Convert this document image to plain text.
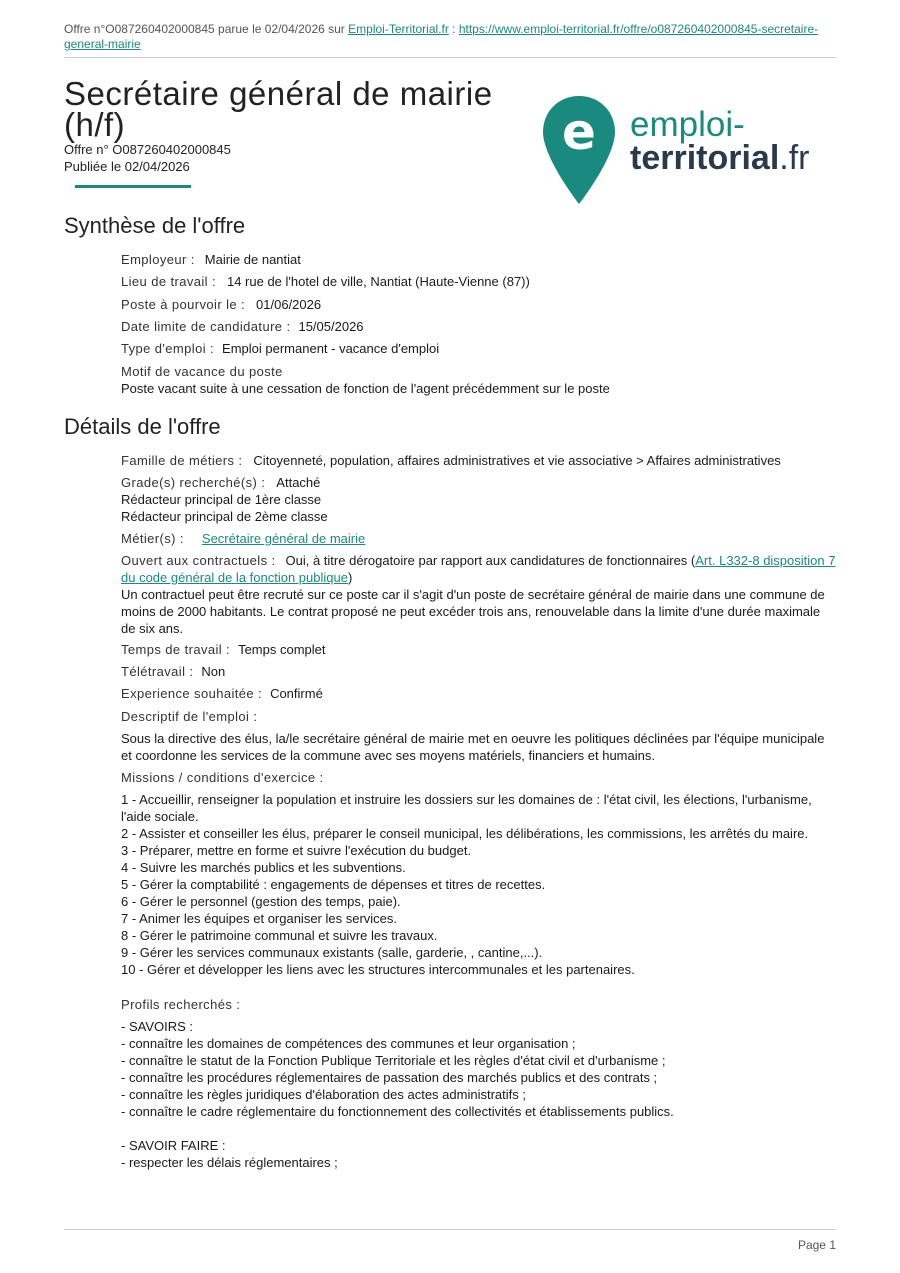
Offre n°O087260402000845 parue le 02/04/2026 sur Emploi-Territorial.fr : https://www.emploi-territorial.fr/offre/o087260402000845-secretaire-general-mairie
Secrétaire général de mairie (h/f)
Offre n° O087260402000845
Publiée le 02/04/2026
e emploi-
territorial.fr
Synthèse de l'offre
Employeur : Mairie de nantiat
Lieu de travail : 14 rue de l'hotel de ville, Nantiat (Haute-Vienne (87))
Poste à pourvoir le : 01/06/2026
Date limite de candidature : 15/05/2026
Type d'emploi : Emploi permanent - vacance d'emploi
Motif de vacance du poste
Poste vacant suite à une cessation de fonction de l'agent précédemment sur le poste
Détails de l'offre
Famille de métiers : Citoyenneté, population, affaires administratives et vie associative > Affaires administratives
Grade(s) recherché(s) : Attaché
Rédacteur principal de 1ère classe
Rédacteur principal de 2ème classe
Métier(s) : Secrétaire général de mairie
Ouvert aux contractuels : Oui, à titre dérogatoire par rapport aux candidatures de fonctionnaires (Art. L332-8 disposition 7 du code général de la fonction publique)
Un contractuel peut être recruté sur ce poste car il s'agit d'un poste de secrétaire général de mairie dans une commune de moins de 2000 habitants. Le contrat proposé ne peut excéder trois ans, renouvelable dans la limite d'une durée maximale de six ans.
Temps de travail : Temps complet
Télétravail : Non
Experience souhaitée : Confirmé
Descriptif de l'emploi :
Sous la directive des élus, la/le secrétaire général de mairie met en oeuvre les politiques déclinées par l'équipe municipale et coordonne les services de la commune avec ses moyens matériels, financiers et humains.
Missions / conditions d'exercice :
1 - Accueillir, renseigner la population et instruire les dossiers sur les domaines de : l'état civil, les élections, l'urbanisme, l'aide sociale.
2 - Assister et conseiller les élus, préparer le conseil municipal, les délibérations, les commissions, les arrêtés du maire.
3 - Préparer, mettre en forme et suivre l'exécution du budget.
4 - Suivre les marchés publics et les subventions.
5 - Gérer la comptabilité : engagements de dépenses et titres de recettes.
6 - Gérer le personnel (gestion des temps, paie).
7 - Animer les équipes et organiser les services.
8 - Gérer le patrimoine communal et suivre les travaux.
9 - Gérer les services communaux existants (salle, garderie, , cantine,...).
10 - Gérer et développer les liens avec les structures intercommunales et les partenaires.
Profils recherchés :
- SAVOIRS :
- connaître les domaines de compétences des communes et leur organisation ;
- connaître le statut de la Fonction Publique Territoriale et les règles d'état civil et d'urbanisme ;
- connaître les procédures réglementaires de passation des marchés publics et des contrats ;
- connaître les règles juridiques d'élaboration des actes administratifs ;
- connaître le cadre réglementaire du fonctionnement des collectivités et établissements publics.

- SAVOIR FAIRE :
- respecter les délais réglementaires ;
Page 1
